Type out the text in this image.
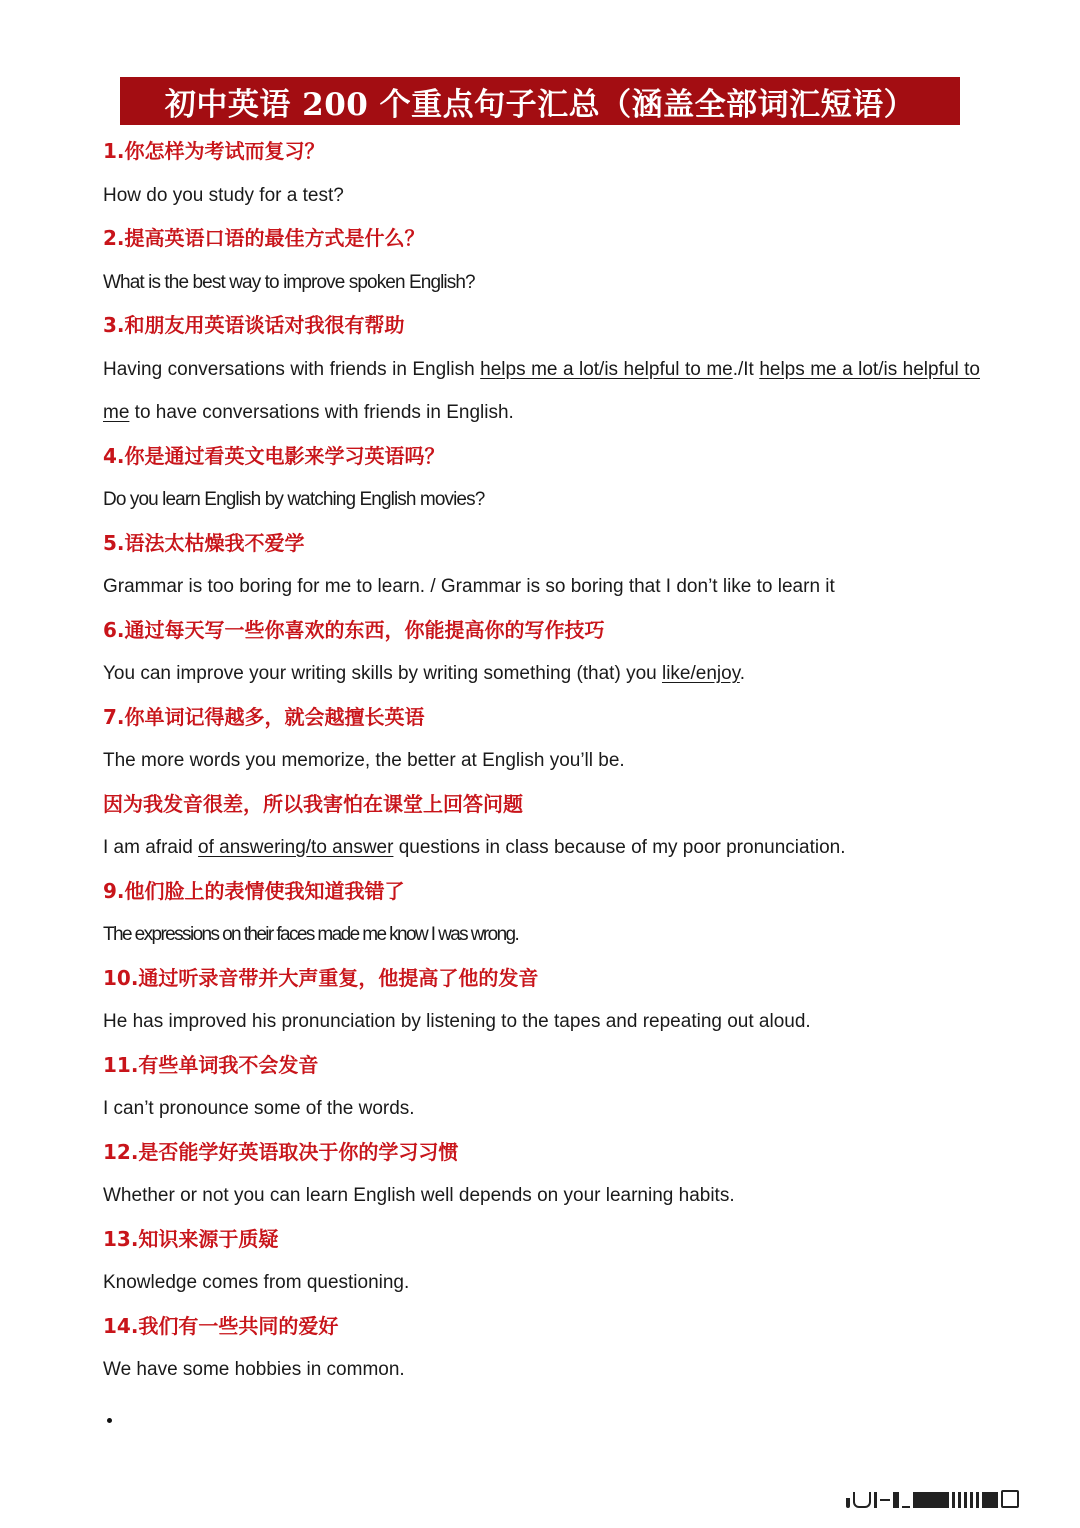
初中英语 200 个重点句子汇总（涵盖全部词汇短语）
1.你怎样为考试而复习？
How do you study for a test?
2.提高英语口语的最佳方式是什么？
What is the best way to improve spoken English?
3.和朋友用英语谈话对我很有帮助
Having conversations with friends in English helps me a lot/is helpful to me./It helps me a lot/is helpful to me to have conversations with friends in English.
4.你是通过看英文电影来学习英语吗？
Do you learn English by watching English movies?
5.语法太枯燥我不爱学
Grammar is too boring for me to learn. / Grammar is so boring that I don’t like to learn it
6.通过每天写一些你喜欢的东西，你能提高你的写作技巧
You can improve your writing skills by writing something (that) you like/enjoy.
7.你单词记得越多，就会越擅长英语
The more words you memorize, the better at English you’ll be.
因为我发音很差，所以我害怕在课堂上回答问题
I am afraid of answering/to answer questions in class because of my poor pronunciation.
9.他们脸上的表情使我知道我错了
The expressions on their faces made me know I was wrong.
10.通过听录音带并大声重复，他提高了他的发音
He has improved his pronunciation by listening to the tapes and repeating out aloud.
11.有些单词我不会发音
I can’t pronounce some of the words.
12.是否能学好英语取决于你的学习习惯
Whether or not you can learn English well depends on your learning habits.
13.知识来源于质疑
Knowledge comes from questioning.
14.我们有一些共同的爱好
We have some hobbies in common.
